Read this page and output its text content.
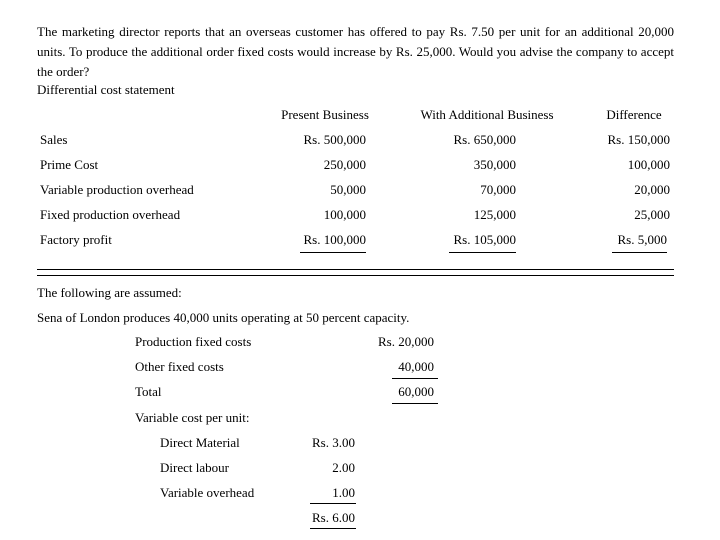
The marketing director reports that an overseas customer has offered to pay Rs. 7.50 per unit for an additional 20,000 units. To produce the additional order fixed costs would increase by Rs. 25,000. Would you advise the company to accept the order?

Differential cost statement
Present Business	With Additional Business	Difference
Sales	Rs. 500,000	Rs. 650,000	Rs. 150,000
Prime Cost	250,000	350,000	100,000
Variable production overhead	50,000	70,000	20,000
Fixed production overhead	100,000	125,000	25,000
Factory profit	Rs. 100,000	Rs. 105,000	Rs. 5,000
The following are assumed:
Sena of London produces 40,000 units operating at 50 percent capacity.
Production fixed costs	Rs. 20,000
Other fixed costs	40,000
Total	60,000
Variable cost per unit:
Direct Material	Rs. 3.00
Direct labour	2.00
Variable overhead	1.00
Rs. 6.00
